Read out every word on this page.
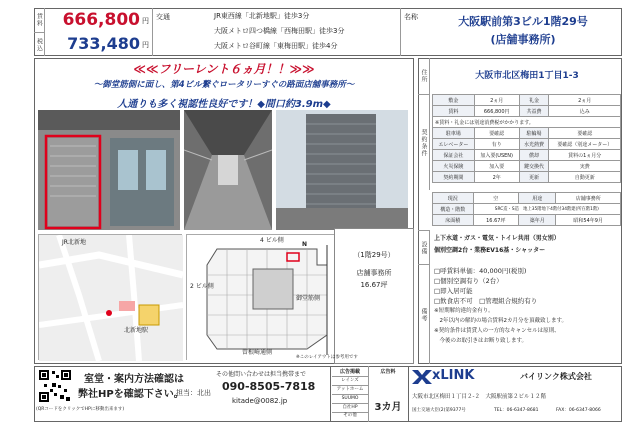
賃料	666,800 円
税込	733,480 円
交通	JR東西線「北新地駅」徒歩3分
大阪メトロ四つ橋線「西梅田駅」徒歩3分
大阪メトロ谷町線「東梅田駅」徒歩4分
名称	大阪駅前第3ビル1階29号
(店舗事務所)
≪≪フリーレント６ヵ月！！≫≫
～御堂筋側に面し、第4ビル繋ぐロータリーすぐの路面店舗事務所～
人通りも多く視認性良好です！◆間口約3.9m◆
JR北新地
北新地駅
（1階29号）
店舗事務所
16.67坪
4 ビル側
2 ビル側
御堂筋側
曽根崎通側
N
※このレイアウトは参考用です
住所	大阪市北区梅田1丁目1-3
契約条件
敷金	2ヵ月	礼金	2ヵ月
賃料	666,800円	共益費	込み
※賃料・礼金には別途消費税がかかります。			
駐車場	要確認	駐輪場	要確認
エレベーター	有り	水光熱費	要確認（別途メーター）
保証会社	加入要(USEN)	償却	賃料の1ヵ月分
火災保険	加入要	鍵交換代	実費
契約期間	2年	更新	自動更新
現況	空	用途	店舗事務所
構造・階数	SRC造・S造　地上35階地下4階付34階建(所在階1階)		
床面積	16.67坪	築年月	昭和54年9月
設備
上下水道・ガス・電気・トイレ共用（男女別）
個別空調2台・業務EV16基・シャッター
備考
□呼賃料単価：40,000円(税別)
□個別空調有り（2台）
□即入居可能
□飲食店不可　□管理組合規約有り
※短期解約違約金有り。
　2年以内の解約の場合賃料2カ月分を頂戴致します。
※契約条件は賃貸人の一方的なキャンセルは原則、
　今後のお取引きはお断り致します。
(QRコードをクリックでHPに移動出来ます)
室堂・案内方法確認は
弊社HPを確認下さい。
担当：北出
その他問い合わせは担当携帯まで
090-8505-7818
kitade@0082.jp
広告掲載
レインズ
アットホーム
SUUMO
自社HP
その他
広告料
3カ月
xLINK	バイリンク株式会社
大阪市北区梅田１丁目２-２　大阪駅前第２ビル１２階
国土交通大臣(2)第9377号	TEL：06-6347-8681	FAX：06-6347-8066
